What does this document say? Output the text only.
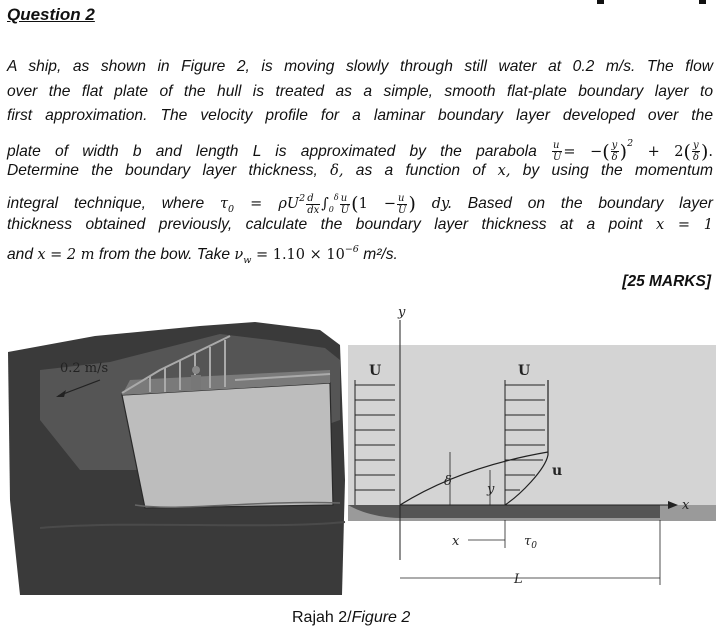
Question 2
A ship, as shown in Figure 2, is moving slowly through still water at 0.2 m/s. The flow
over the flat plate of the hull is treated as a simple, smooth flat-plate boundary layer to
first approximation. The velocity profile for a laminar boundary layer developed over the
plate of width b and length L is approximated by the parabola $\frac{u}{U}$ = −( $\frac{y}{\delta} )^2 + 2( \frac{y}{\delta}$ ).
Determine the boundary layer thickness, δ, as a function of x, by using the momentum
integral technique, where $\tau_0 = \rho U^2 \frac{d}{dx} \int_0^\delta \frac{u}{U} (1 - \frac{u}{U}$ ) dy. Based on the boundary layer
thickness obtained previously, calculate the boundary layer thickness at a point x = 1
and x = 2 m from the bow. Take $\nu_w = 1.10 \times 10^{-6}$ m²/s.
[25 MARKS]
0.2 m/s
y
U	U
u
δ
y
x
x	$\tau_0$
L
Rajah 2/Figure 2
